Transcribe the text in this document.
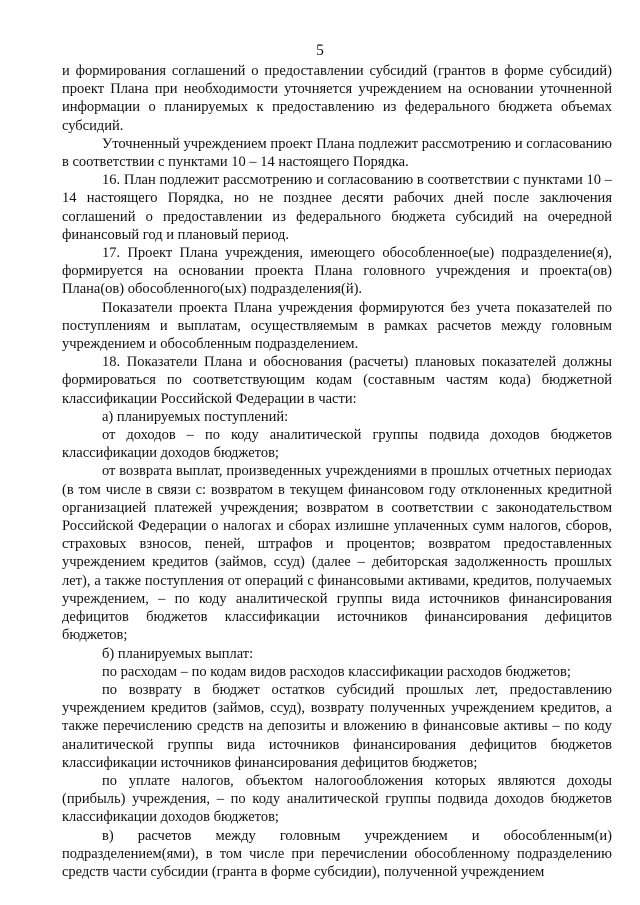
5

и формирования соглашений о предоставлении субсидий (грантов в форме субсидий) проект Плана при необходимости уточняется учреждением на основании уточненной информации о планируемых к предоставлению из федерального бюджета объемах субсидий.

Уточненный учреждением проект Плана подлежит рассмотрению и согласованию в соответствии с пунктами 10 – 14 настоящего Порядка.

16. План подлежит рассмотрению и согласованию в соответствии с пунктами 10 – 14 настоящего Порядка, но не позднее десяти рабочих дней после заключения соглашений о предоставлении из федерального бюджета субсидий на очередной финансовый год и плановый период.

17. Проект Плана учреждения, имеющего обособленное(ые) подразделение(я), формируется на основании проекта Плана головного учреждения и проекта(ов) Плана(ов) обособленного(ых) подразделения(й).

Показатели проекта Плана учреждения формируются без учета показателей по поступлениям и выплатам, осуществляемым в рамках расчетов между головным учреждением и обособленным подразделением.

18. Показатели Плана и обоснования (расчеты) плановых показателей должны формироваться по соответствующим кодам (составным частям кода) бюджетной классификации Российской Федерации в части:

а) планируемых поступлений:

от доходов – по коду аналитической группы подвида доходов бюджетов классификации доходов бюджетов;

от возврата выплат, произведенных учреждениями в прошлых отчетных периодах (в том числе в связи с: возвратом в текущем финансовом году отклоненных кредитной организацией платежей учреждения; возвратом в соответствии с законодательством Российской Федерации о налогах и сборах излишне уплаченных сумм налогов, сборов, страховых взносов, пеней, штрафов и процентов; возвратом предоставленных учреждением кредитов (займов, ссуд) (далее – дебиторская задолженность прошлых лет), а также поступления от операций с финансовыми активами, кредитов, получаемых учреждением, – по коду аналитической группы вида источников финансирования дефицитов бюджетов классификации источников финансирования дефицитов бюджетов;

б) планируемых выплат:

по расходам – по кодам видов расходов классификации расходов бюджетов;

по возврату в бюджет остатков субсидий прошлых лет, предоставлению учреждением кредитов (займов, ссуд), возврату полученных учреждением кредитов, а также перечислению средств на депозиты и вложению в финансовые активы – по коду аналитической группы вида источников финансирования дефицитов бюджетов классификации источников финансирования дефицитов бюджетов;

по уплате налогов, объектом налогообложения которых являются доходы (прибыль) учреждения, – по коду аналитической группы подвида доходов бюджетов классификации доходов бюджетов;

в) расчетов между головным учреждением и обособленным(и) подразделением(ями), в том числе при перечислении обособленному подразделению средств части субсидии (гранта в форме субсидии), полученной учреждением
